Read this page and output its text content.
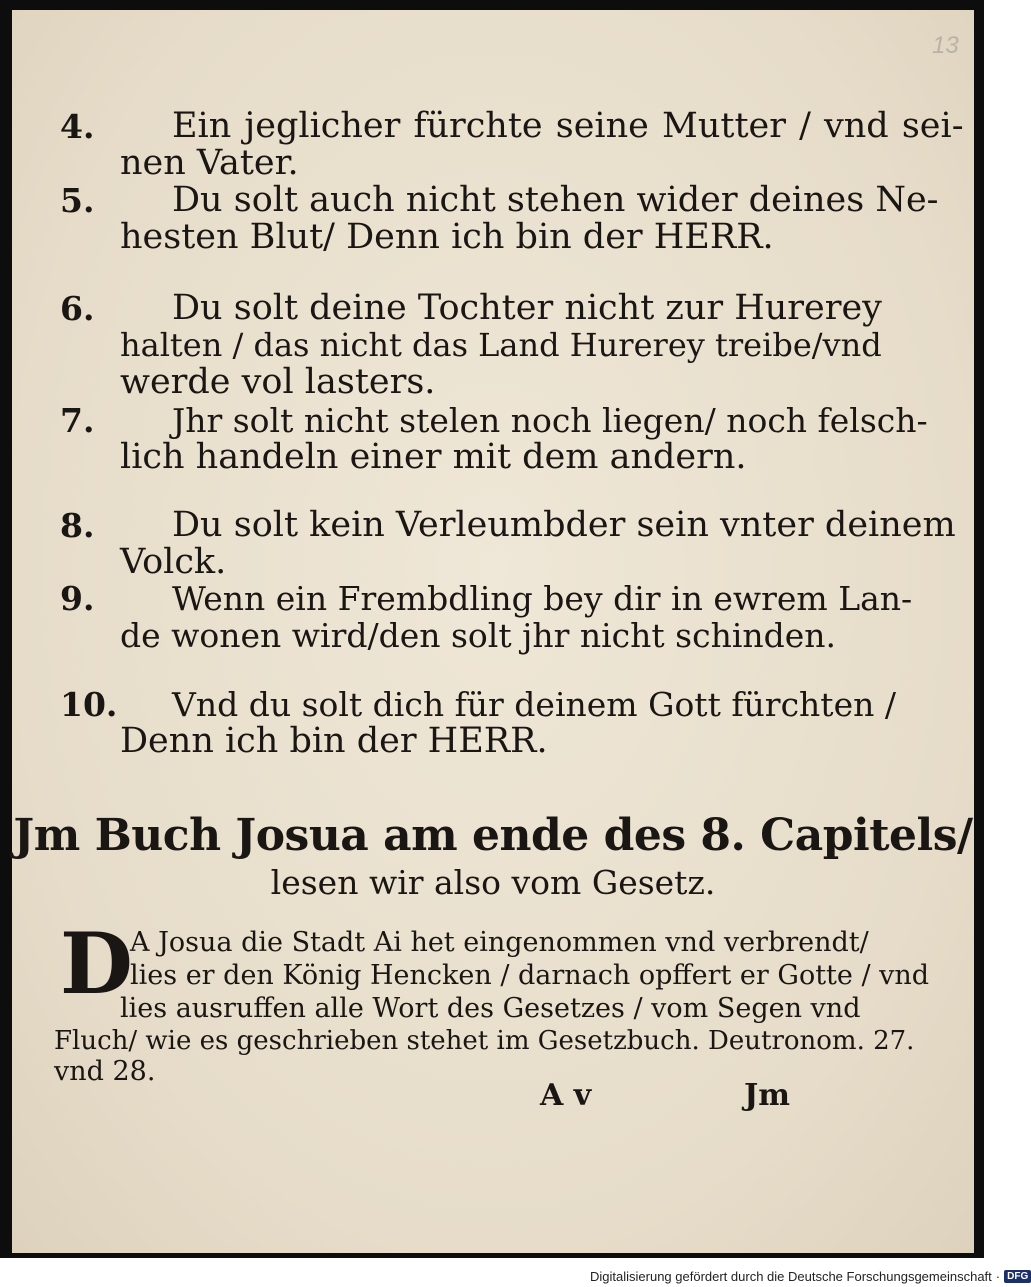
13
4. Ein jeglicher fürchte seine Mutter / vnd sei-
nen Vater.
5. Du solt auch nicht stehen wider deines Ne-
hesten Blut/ Denn ich bin der HERR.
6. Du solt deine Tochter nicht zur Hurerey
halten / das nicht das Land Hurerey treibe/vnd
werde vol lasters.
7. Jhr solt nicht stelen noch liegen/ noch felsch-
lich handeln einer mit dem andern.
8. Du solt kein Verleumbder sein vnter deinem
Volck.
9. Wenn ein Frembdling bey dir in ewrem Lan-
de wonen wird/den solt jhr nicht schinden.
10. Vnd du solt dich für deinem Gott fürchten /
Denn ich bin der HERR.
Jm Buch Josua am ende des 8. Capitels/
lesen wir also vom Gesetz.
D
A Josua die Stadt Ai het eingenommen vnd verbrendt/
lies er den König Hencken / darnach opffert er Gotte / vnd
lies ausruffen alle Wort des Gesetzes / vom Segen vnd
Fluch/ wie es geschrieben stehet im Gesetzbuch. Deutronom. 27.
vnd 28.
A v	Jm
Digitalisierung gefördert durch die Deutsche Forschungsgemeinschaft · DFG
